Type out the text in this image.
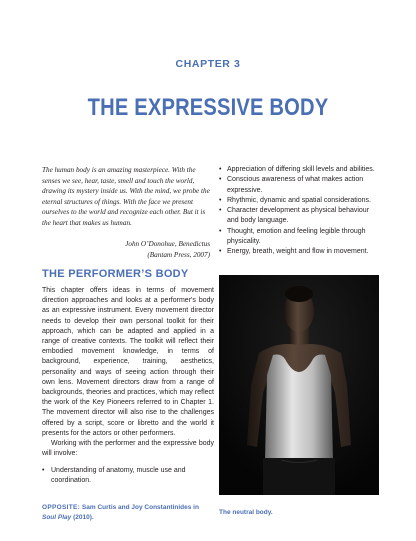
CHAPTER 3
THE EXPRESSIVE BODY
The human body is an amazing masterpiece. With the senses we see, hear, taste, smell and touch the world, drawing its mystery inside us. With the mind, we probe the eternal structures of things. With the face we present ourselves to the world and recognize each other. But it is the heart that makes us human.
John O’Donohue, Benedictus
(Bantam Press, 2007)
• Appreciation of differing skill levels and abilities.
• Conscious awareness of what makes action expressive.
• Rhythmic, dynamic and spatial considerations.
• Character development as physical behaviour and body language.
• Thought, emotion and feeling legible through physicality.
• Energy, breath, weight and flow in movement.
THE PERFORMER’S BODY

This chapter offers ideas in terms of movement direction approaches and looks at a performer's body as an expressive instrument. Every movement director needs to develop their own personal toolkit for their approach, which can be adapted and applied in a range of creative contexts. The toolkit will reflect their embodied movement knowledge, in terms of background, experience, training, aesthetics, personality and ways of seeing action through their own lens. Movement directors draw from a range of backgrounds, theories and practices, which may reflect the work of the Key Pioneers referred to in Chapter 1. The movement director will also rise to the challenges offered by a script, score or libretto and the world it presents for the actors or other performers.

Working with the performer and the expressive body will involve:

• Understanding of anatomy, muscle use and coordination.
OPPOSITE: Sam Curtis and Joy Constantinides in
Soul Play (2010).
The neutral body.
